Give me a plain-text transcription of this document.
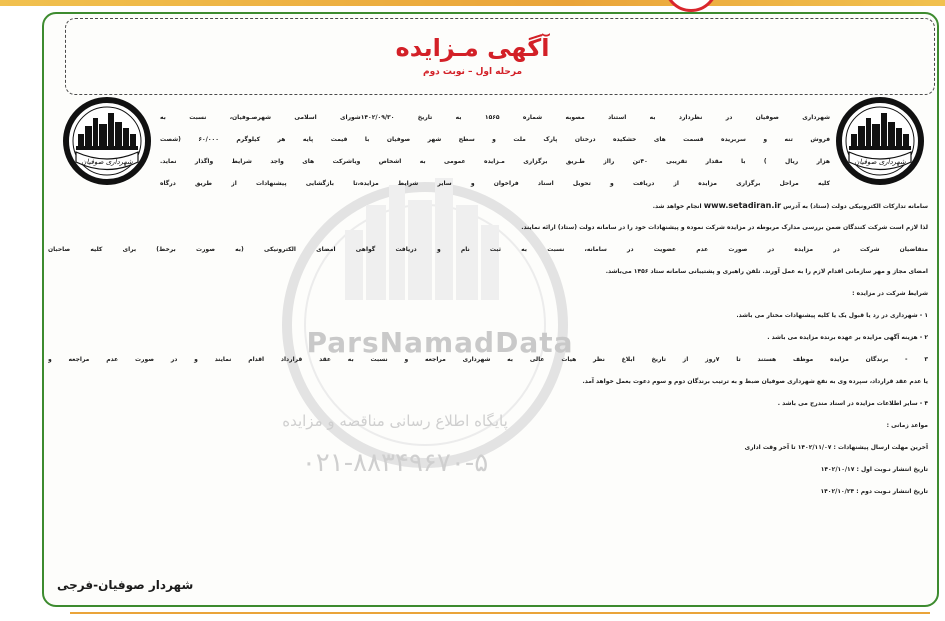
آگهی مـزایده
مرحله اول – نوبت دوم
ParsNamadData
پایگاه اطلاع رسانی مناقصه و مزایده
۰۲۱-۸۸۳۴۹۶۷۰-۵
شهرداری صوفیان
شهرداری صوفیان
شهرداری صوفیان در نظردارد به استناد مصوبه شماره ۱۵۶۵ به تاریخ ۱۴۰۲/۰۹/۳۰شورای اسلامی شهرصـوفیان، نسبت به
فروش تنه و سربریده قسمت های خشکیده درختان پارک ملت و سطح شهر صوفیان با قیمت پایه هر کیلوگرم ۶۰/۰۰۰ (شصت
هزار ریال ) با مقدار تقریبی ۴۰تن رااز طـریق برگزاری مـزایده عمومی به اشخاص ویاشرکت های واجد شرایط واگذار نماید.
کلیه مراحل برگزاری مزایده از دریافت و تحویل اسناد فراخوان و سایر شرایط مزایده،تا بازگشایی پیشنهادات از طریق درگاه
سامانه تدارکات الکترونیکی دولت (ستاد) به آدرس www.setadiran.ir انجام خواهد شد.
لذا لازم است شرکت کنندگان ضمن بررسی مدارک مربوطه در مزایده شرکت نموده و پیشنهادات خود را در سامانه دولت (ستاد) ارائه نمایند.
متقاضیان شرکت در مزایده در صورت عدم عضویت در سامانه، نسبت به ثبت نام و دریافت گواهی امضای الکترونیکی (به صورت برخط) برای کلیه صاحبان
امضای مجاز و مهر سازمانی اقدام لازم را به عمل آورند. تلفن راهبری و پشتیبانی سامانه ستاد ۱۴۵۶ می‌باشد.
شرایط شرکت در مزایده :
۱ - شهرداری در رد یا قبول یک یا کلیه پیشنهادات مختار می باشد.
۲ - هزینه آگهی مزایده بر عهده برنده مزایده می باشد .
۳ - برندگان مزایده موظف هستند تا ۷روز از تاریخ ابلاغ نظر هیات عالی به شهرداری مراجعه و نسبت به عقد قرارداد اقدام نمایند و در صورت عدم مراجعه و
یا عدم عقد قرارداد، سپرده وی به نفع شهرداری صوفیان ضبط و به ترتیب برندگان دوم و سوم دعوت بعمل خواهد آمد.
۴ - سایر اطلاعات مزایده در اسناد مندرج می باشد .
مواعد زمانی :
آخرین مهلت ارسال پیشنهادات : ۱۴۰۲/۱۱/۰۷ تا آخر وقت اداری
تاریخ انتشار نـوبت اول : ۱۴۰۲/۱۰/۱۷
تاریخ انتشار نـوبت دوم : ۱۴۰۲/۱۰/۲۴
شهردار صوفیان-فرجی
